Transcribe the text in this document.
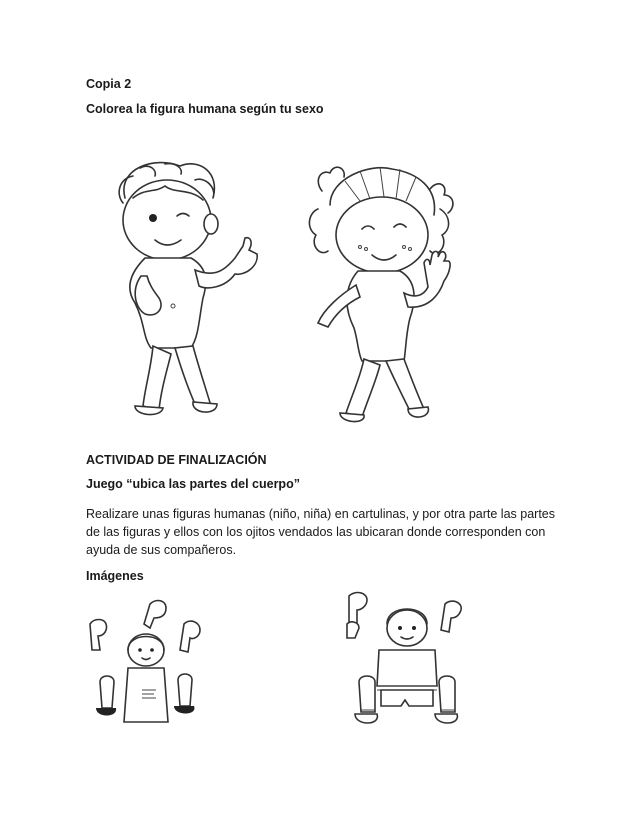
Copia 2
Colorea la figura humana según tu sexo
ACTIVIDAD DE FINALIZACIÓN
Juego “ubica las partes del cuerpo”
Realizare unas figuras humanas (niño, niña) en cartulinas, y por otra parte las partes de las figuras y ellos con los ojitos vendados las ubicaran donde corresponden con ayuda de sus compañeros.
Imágenes
